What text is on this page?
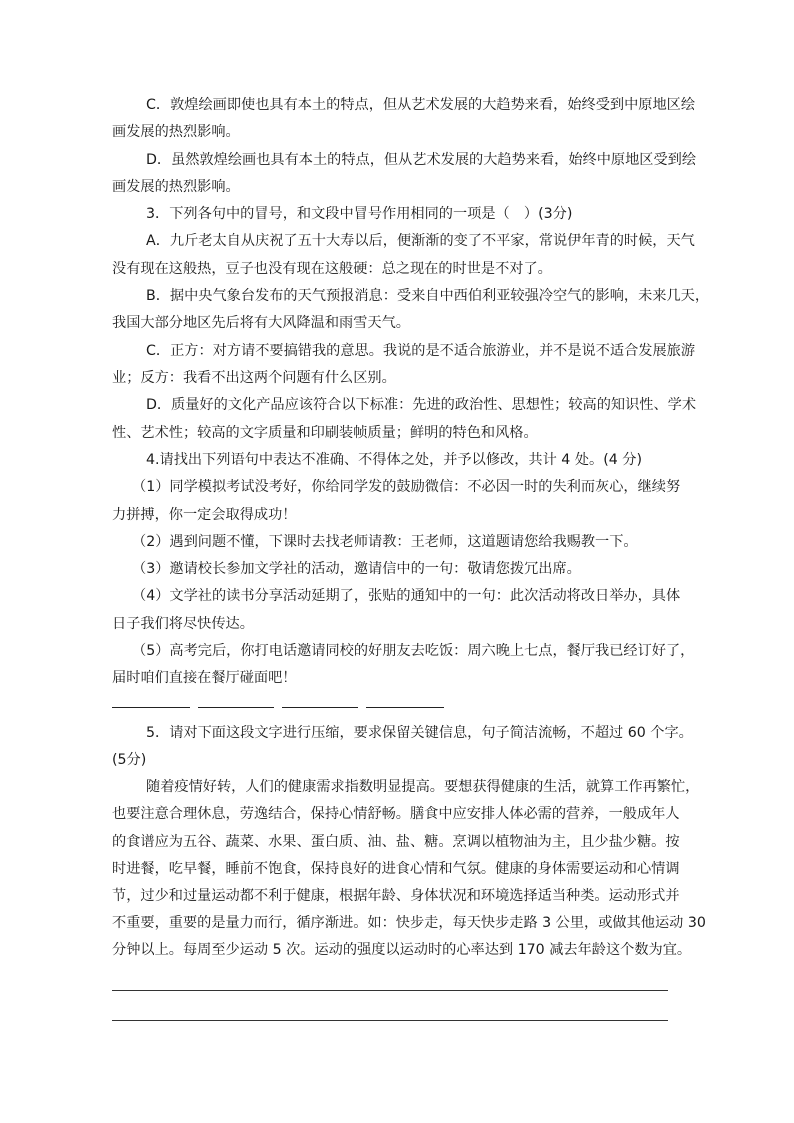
C．敦煌绘画即使也具有本土的特点，但从艺术发展的大趋势来看，始终受到中原地区绘
画发展的热烈影响。
D．虽然敦煌绘画也具有本土的特点，但从艺术发展的大趋势来看，始终中原地区受到绘
画发展的热烈影响。
3．下列各句中的冒号，和文段中冒号作用相同的一项是（　）(3分)
A．九斤老太自从庆祝了五十大寿以后，便渐渐的变了不平家，常说伊年青的时候，天气
没有现在这般热，豆子也没有现在这般硬：总之现在的时世是不对了。
B．据中央气象台发布的天气预报消息：受来自中西伯利亚较强冷空气的影响，未来几天，
我国大部分地区先后将有大风降温和雨雪天气。
C．正方：对方请不要搞错我的意思。我说的是不适合旅游业，并不是说不适合发展旅游
业；反方：我看不出这两个问题有什么区别。
D．质量好的文化产品应该符合以下标准：先进的政治性、思想性；较高的知识性、学术
性、艺术性；较高的文字质量和印刷装帧质量；鲜明的特色和风格。
4.请找出下列语句中表达不准确、不得体之处，并予以修改，共计 4 处。(4 分)
（1）同学模拟考试没考好，你给同学发的鼓励微信：不必因一时的失利而灰心，继续努
力拼搏，你一定会取得成功！
（2）遇到问题不懂，下课时去找老师请教：王老师，这道题请您给我赐教一下。
（3）邀请校长参加文学社的活动，邀请信中的一句：敬请您拨冗出席。
（4）文学社的读书分享活动延期了，张贴的通知中的一句：此次活动将改日举办，具体
日子我们将尽快传达。
（5）高考完后，你打电话邀请同校的好朋友去吃饭：周六晚上七点，餐厅我已经订好了，
届时咱们直接在餐厅碰面吧！
5．请对下面这段文字进行压缩，要求保留关键信息，句子简洁流畅，不超过 60 个字。
(5分)
随着疫情好转，人们的健康需求指数明显提高。要想获得健康的生活，就算工作再繁忙，
也要注意合理休息，劳逸结合，保持心情舒畅。膳食中应安排人体必需的营养，一般成年人
的食谱应为五谷、蔬菜、水果、蛋白质、油、盐、糖。烹调以植物油为主，且少盐少糖。按
时进餐，吃早餐，睡前不饱食，保持良好的进食心情和气氛。健康的身体需要运动和心情调
节，过少和过量运动都不利于健康，根据年龄、身体状况和环境选择适当种类。运动形式并
不重要，重要的是量力而行，循序渐进。如：快步走，每天快步走路 3 公里，或做其他运动 30
分钟以上。每周至少运动 5 次。运动的强度以运动时的心率达到 170 减去年龄这个数为宜。
